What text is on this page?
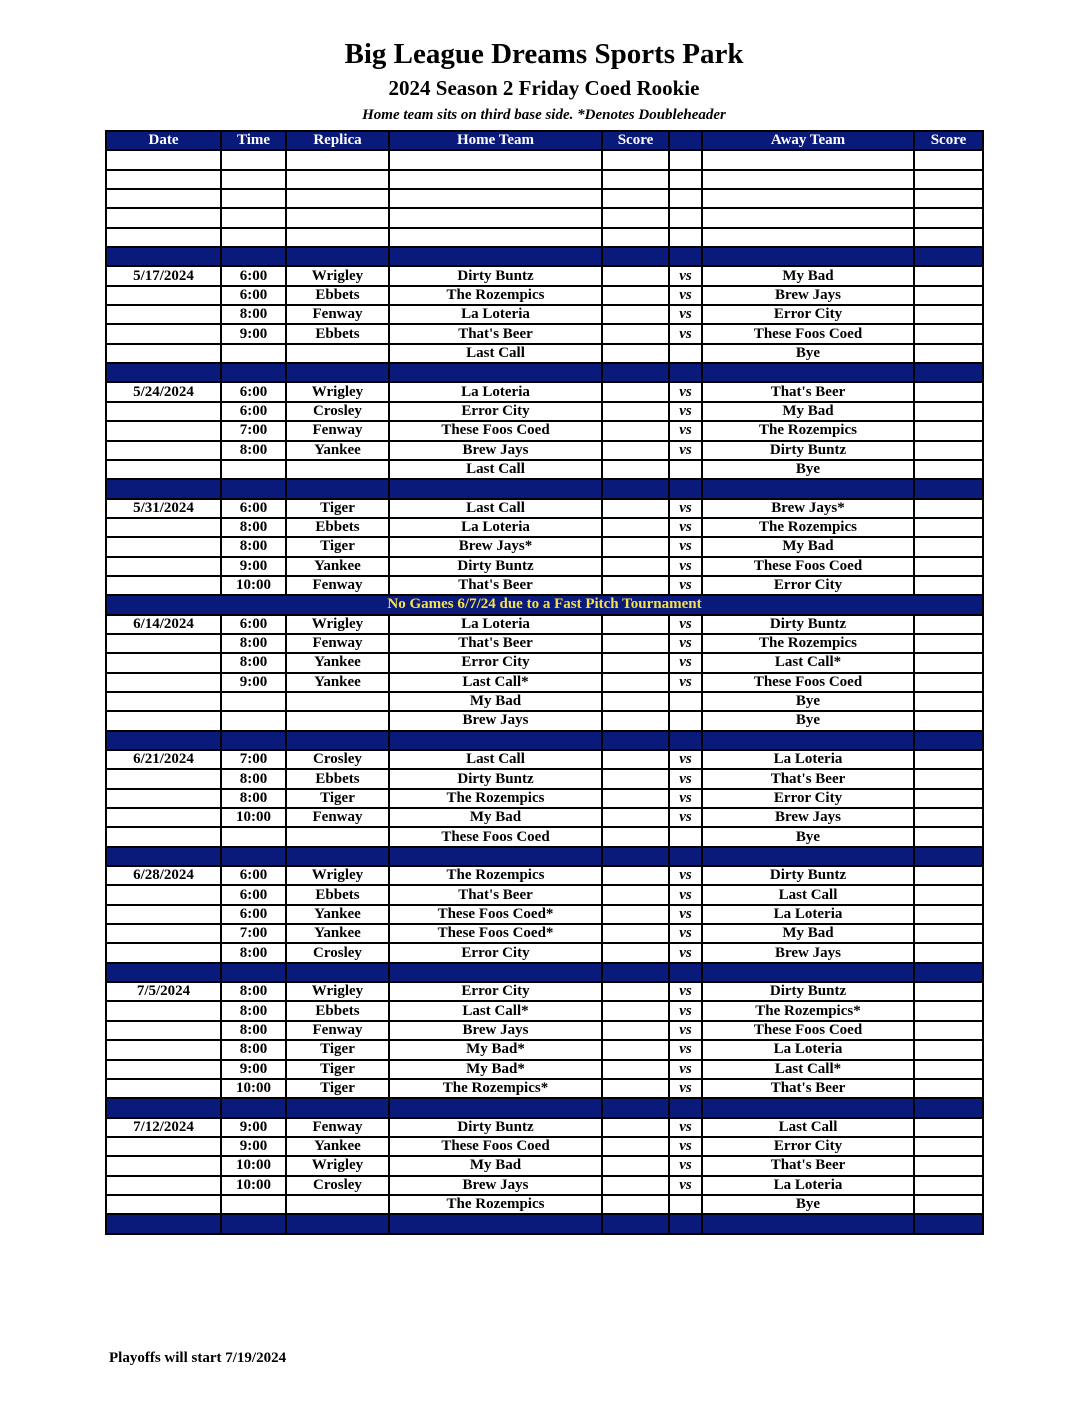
Big League Dreams Sports Park
2024 Season 2 Friday Coed Rookie
Home team sits on third base side. *Denotes Doubleheader
Date	Time	Replica	Home Team	Score		Away Team	Score

5/17/2024	6:00	Wrigley	Dirty Buntz		vs	My Bad	
	6:00	Ebbets	The Rozempics		vs	Brew Jays	
	8:00	Fenway	La Loteria		vs	Error City	
	9:00	Ebbets	That's Beer		vs	These Foos Coed	
			Last Call			Bye	

5/24/2024	6:00	Wrigley	La Loteria		vs	That's Beer	
	6:00	Crosley	Error City		vs	My Bad	
	7:00	Fenway	These Foos Coed		vs	The Rozempics	
	8:00	Yankee	Brew Jays		vs	Dirty Buntz	
			Last Call			Bye	

5/31/2024	6:00	Tiger	Last Call		vs	Brew Jays*	
	8:00	Ebbets	La Loteria		vs	The Rozempics	
	8:00	Tiger	Brew Jays*		vs	My Bad	
	9:00	Yankee	Dirty Buntz		vs	These Foos Coed	
	10:00	Fenway	That's Beer		vs	Error City	
No Games 6/7/24 due to a Fast Pitch Tournament							
6/14/2024	6:00	Wrigley	La Loteria		vs	Dirty Buntz	
	8:00	Fenway	That's Beer		vs	The Rozempics	
	8:00	Yankee	Error City		vs	Last Call*	
	9:00	Yankee	Last Call*		vs	These Foos Coed	
			My Bad			Bye	
			Brew Jays			Bye	

6/21/2024	7:00	Crosley	Last Call		vs	La Loteria	
	8:00	Ebbets	Dirty Buntz		vs	That's Beer	
	8:00	Tiger	The Rozempics		vs	Error City	
	10:00	Fenway	My Bad		vs	Brew Jays	
			These Foos Coed			Bye	

6/28/2024	6:00	Wrigley	The Rozempics		vs	Dirty Buntz	
	6:00	Ebbets	That's Beer		vs	Last Call	
	6:00	Yankee	These Foos Coed*		vs	La Loteria	
	7:00	Yankee	These Foos Coed*		vs	My Bad	
	8:00	Crosley	Error City		vs	Brew Jays	

7/5/2024	8:00	Wrigley	Error City		vs	Dirty Buntz	
	8:00	Ebbets	Last Call*		vs	The Rozempics*	
	8:00	Fenway	Brew Jays		vs	These Foos Coed	
	8:00	Tiger	My Bad*		vs	La Loteria	
	9:00	Tiger	My Bad*		vs	Last Call*	
	10:00	Tiger	The Rozempics*		vs	That's Beer	

7/12/2024	9:00	Fenway	Dirty Buntz		vs	Last Call	
	9:00	Yankee	These Foos Coed		vs	Error City	
	10:00	Wrigley	My Bad		vs	That's Beer	
	10:00	Crosley	Brew Jays		vs	La Loteria	
			The Rozempics			Bye	

Playoffs will start 7/19/2024
